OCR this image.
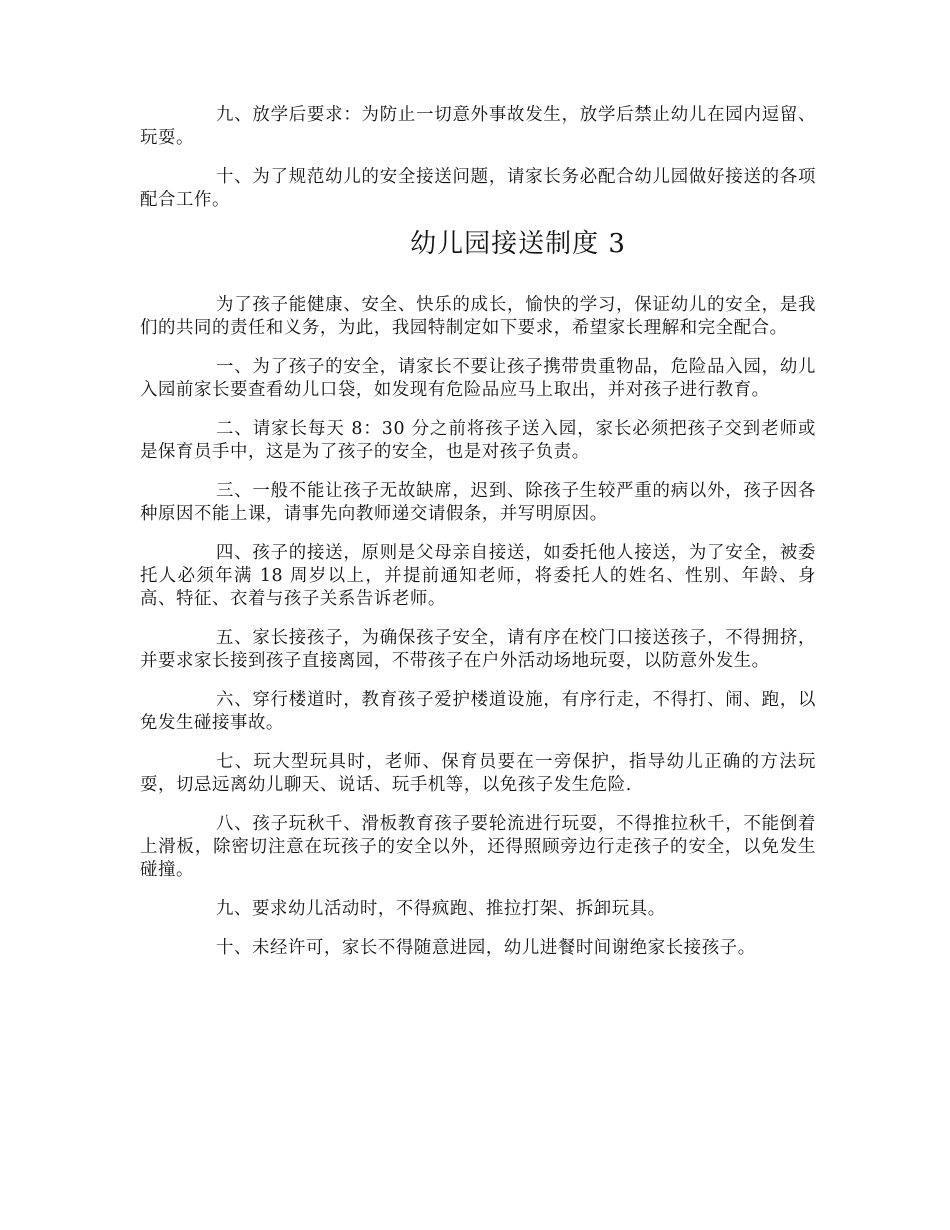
九、放学后要求：为防止一切意外事故发生，放学后禁止幼儿在园内逗留、玩耍。

十、为了规范幼儿的安全接送问题，请家长务必配合幼儿园做好接送的各项配合工作。

幼儿园接送制度 3

为了孩子能健康、安全、快乐的成长，愉快的学习，保证幼儿的安全，是我们的共同的责任和义务，为此，我园特制定如下要求，希望家长理解和完全配合。

一、为了孩子的安全，请家长不要让孩子携带贵重物品，危险品入园，幼儿入园前家长要查看幼儿口袋，如发现有危险品应马上取出，并对孩子进行教育。

二、请家长每天 8：30 分之前将孩子送入园，家长必须把孩子交到老师或是保育员手中，这是为了孩子的安全，也是对孩子负责。

三、一般不能让孩子无故缺席，迟到、除孩子生较严重的病以外，孩子因各种原因不能上课，请事先向教师递交请假条，并写明原因。

四、孩子的接送，原则是父母亲自接送，如委托他人接送，为了安全，被委托人必须年满 18 周岁以上，并提前通知老师，将委托人的姓名、性别、年龄、身高、特征、衣着与孩子关系告诉老师。

五、家长接孩子，为确保孩子安全，请有序在校门口接送孩子，不得拥挤，并要求家长接到孩子直接离园，不带孩子在户外活动场地玩耍，以防意外发生。

六、穿行楼道时，教育孩子爱护楼道设施，有序行走，不得打、闹、跑，以免发生碰接事故。

七、玩大型玩具时，老师、保育员要在一旁保护，指导幼儿正确的方法玩耍，切忌远离幼儿聊天、说话、玩手机等，以免孩子发生危险.

八、孩子玩秋千、滑板教育孩子要轮流进行玩耍，不得推拉秋千，不能倒着上滑板，除密切注意在玩孩子的安全以外，还得照顾旁边行走孩子的安全，以免发生碰撞。

九、要求幼儿活动时，不得疯跑、推拉打架、拆卸玩具。

十、未经许可，家长不得随意进园，幼儿进餐时间谢绝家长接孩子。
